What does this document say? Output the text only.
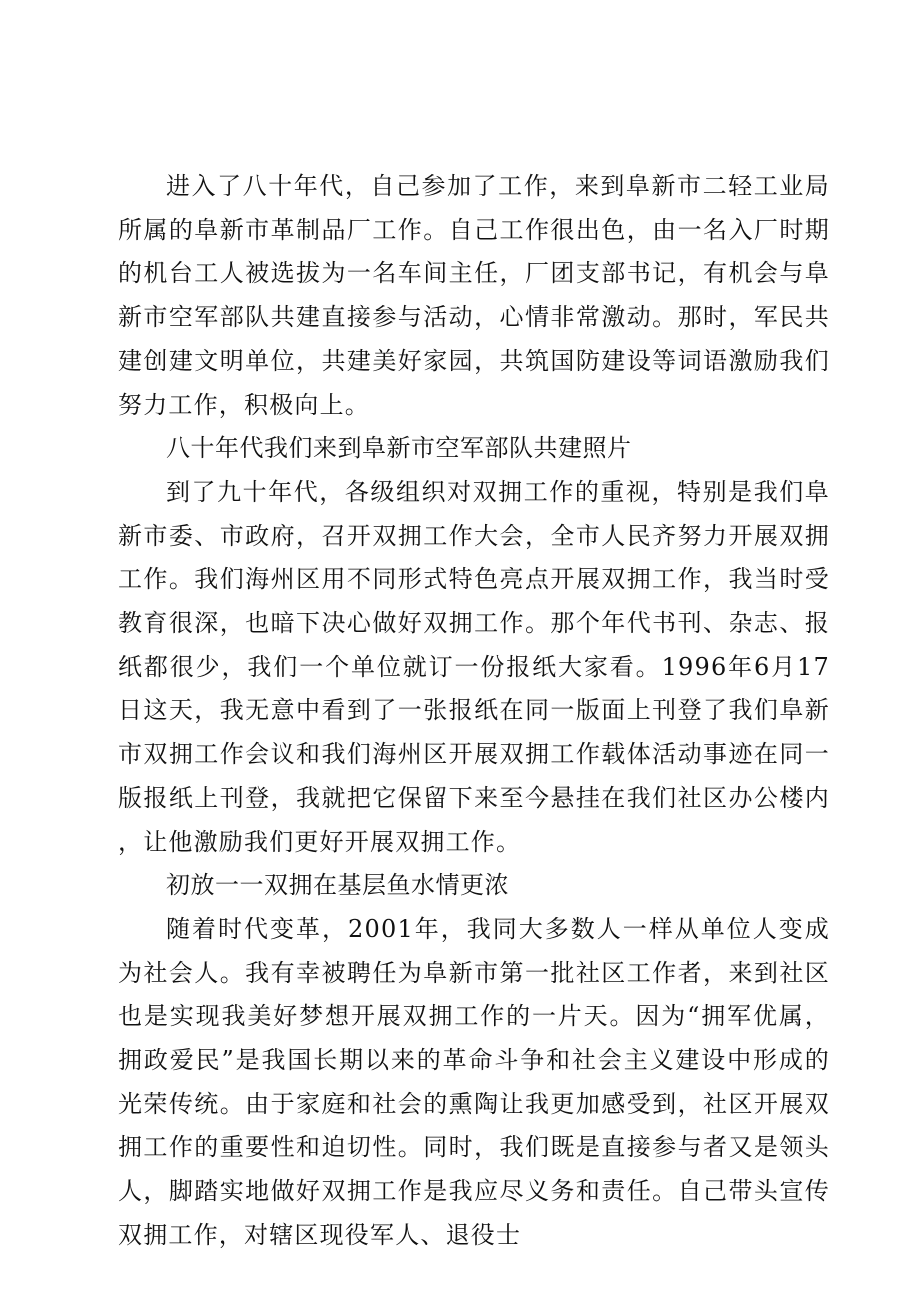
进入了八十年代，自己参加了工作，来到阜新市二轻工业局所属的阜新市革制品厂工作。自己工作很出色，由一名入厂时期的机台工人被选拔为一名车间主任，厂团支部书记，有机会与阜新市空军部队共建直接参与活动，心情非常激动。那时，军民共建创建文明单位，共建美好家园，共筑国防建设等词语激励我们努力工作，积极向上。

八十年代我们来到阜新市空军部队共建照片

到了九十年代，各级组织对双拥工作的重视，特别是我们阜新市委、市政府，召开双拥工作大会，全市人民齐努力开展双拥工作。我们海州区用不同形式特色亮点开展双拥工作，我当时受教育很深，也暗下决心做好双拥工作。那个年代书刊、杂志、报纸都很少，我们一个单位就订一份报纸大家看。1996年6月17日这天，我无意中看到了一张报纸在同一版面上刊登了我们阜新市双拥工作会议和我们海州区开展双拥工作载体活动事迹在同一版报纸上刊登，我就把它保留下来至今悬挂在我们社区办公楼内，让他激励我们更好开展双拥工作。

初放一一双拥在基层鱼水情更浓

随着时代变革，2001年，我同大多数人一样从单位人变成为社会人。我有幸被聘任为阜新市第一批社区工作者，来到社区也是实现我美好梦想开展双拥工作的一片天。因为“拥军优属，拥政爱民”是我国长期以来的革命斗争和社会主义建设中形成的光荣传统。由于家庭和社会的熏陶让我更加感受到，社区开展双拥工作的重要性和迫切性。同时，我们既是直接参与者又是领头人，脚踏实地做好双拥工作是我应尽义务和责任。自己带头宣传双拥工作，对辖区现役军人、退役士
